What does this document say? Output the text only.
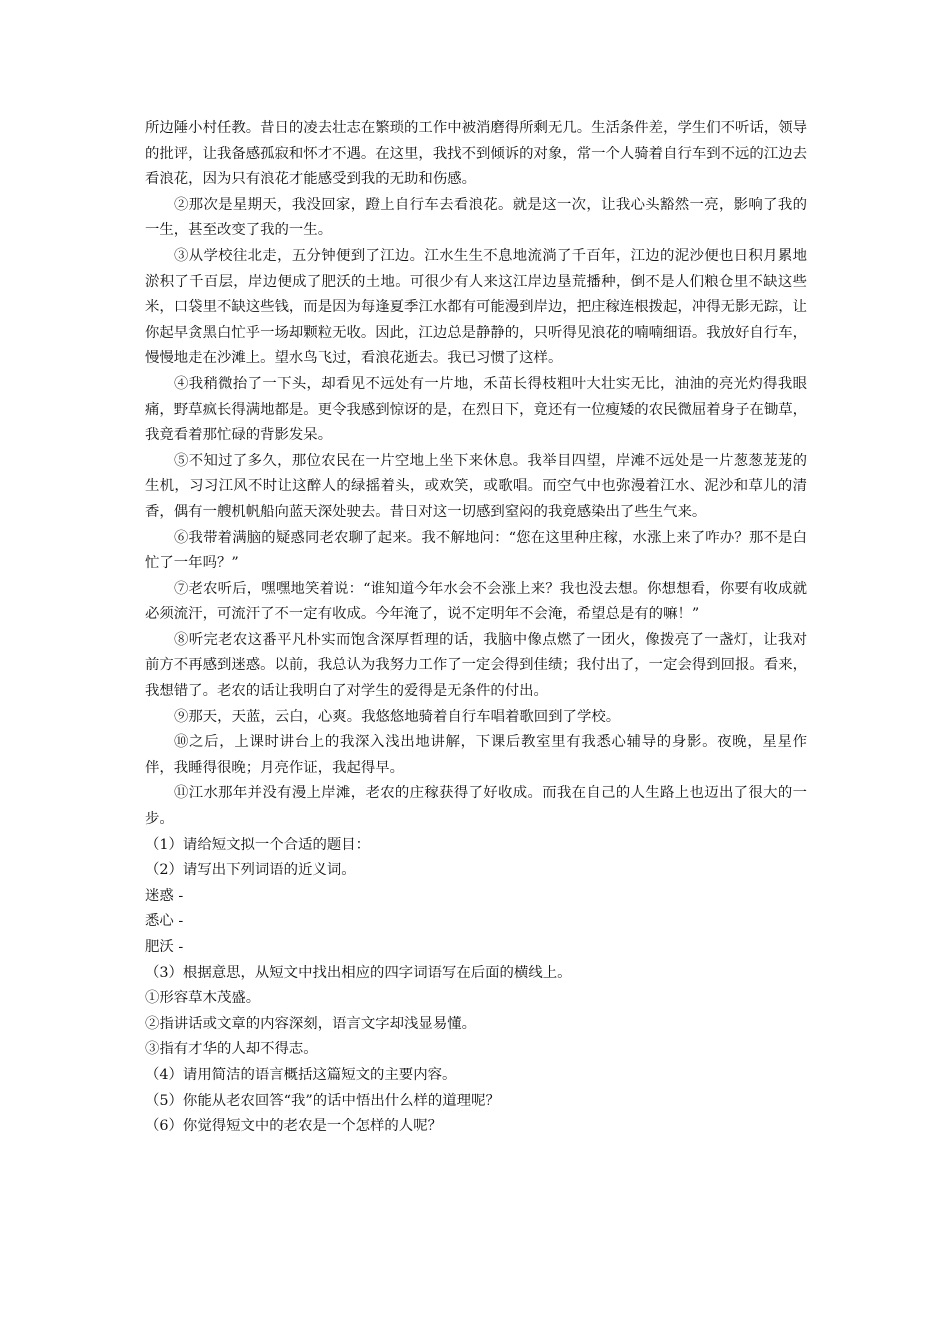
所边陲小村任教。昔日的凌去壮志在繁琐的工作中被消磨得所剩无几。生活条件差，学生们不听话，领导的批评，让我备感孤寂和怀才不遇。在这里，我找不到倾诉的对象，常一个人骑着自行车到不远的江边去看浪花，因为只有浪花才能感受到我的无助和伤感。

②那次是星期天，我没回家，蹬上自行车去看浪花。就是这一次，让我心头豁然一亮，影响了我的一生，甚至改变了我的一生。

③从学校往北走，五分钟便到了江边。江水生生不息地流淌了千百年，江边的泥沙便也日积月累地淤积了千百层，岸边便成了肥沃的土地。可很少有人来这江岸边垦荒播种，倒不是人们粮仓里不缺这些米，口袋里不缺这些钱，而是因为每逢夏季江水都有可能漫到岸边，把庄稼连根拨起，冲得无影无踪，让你起早贪黑白忙乎一场却颗粒无收。因此，江边总是静静的，只听得见浪花的喃喃细语。我放好自行车，慢慢地走在沙滩上。望水鸟飞过，看浪花逝去。我已习惯了这样。

④我稍微抬了一下头，却看见不远处有一片地，禾苗长得枝粗叶大壮实无比，油油的亮光灼得我眼痛，野草疯长得满地都是。更令我感到惊讶的是，在烈日下，竟还有一位瘦矮的农民微屈着身子在锄草，我竟看着那忙碌的背影发呆。

⑤不知过了多久，那位农民在一片空地上坐下来休息。我举目四望，岸滩不远处是一片葱葱茏茏的生机，习习江风不时让这醉人的绿摇着头，或欢笑，或歌唱。而空气中也弥漫着江水、泥沙和草儿的清香，偶有一艘机帆船向蓝天深处驶去。昔日对这一切感到窒闷的我竟感染出了些生气来。

⑥我带着满脑的疑惑同老农聊了起来。我不解地问：“您在这里种庄稼，水涨上来了咋办？那不是白忙了一年吗？”

⑦老农听后，嘿嘿地笑着说：“谁知道今年水会不会涨上来？我也没去想。你想想看，你要有收成就必须流汗，可流汗了不一定有收成。今年淹了，说不定明年不会淹，希望总是有的嘛！”

⑧听完老农这番平凡朴实而饱含深厚哲理的话，我脑中像点燃了一团火，像拨亮了一盏灯，让我对前方不再感到迷惑。以前，我总认为我努力工作了一定会得到佳绩；我付出了，一定会得到回报。看来，我想错了。老农的话让我明白了对学生的爱得是无条件的付出。

⑨那天，天蓝，云白，心爽。我悠悠地骑着自行车唱着歌回到了学校。

⑩之后，上课时讲台上的我深入浅出地讲解，下课后教室里有我悉心辅导的身影。夜晚，星星作伴，我睡得很晚；月亮作证，我起得早。

⑪江水那年并没有漫上岸滩，老农的庄稼获得了好收成。而我在自己的人生路上也迈出了很大的一步。

（1）请给短文拟一个合适的题目：

（2）请写出下列词语的近义词。

迷惑 -

悉心 -

肥沃 -

（3）根据意思，从短文中找出相应的四字词语写在后面的横线上。

①形容草木茂盛。

②指讲话或文章的内容深刻，语言文字却浅显易懂。

③指有才华的人却不得志。

（4）请用简洁的语言概括这篇短文的主要内容。

（5）你能从老农回答“我”的话中悟出什么样的道理呢？

（6）你觉得短文中的老农是一个怎样的人呢？
